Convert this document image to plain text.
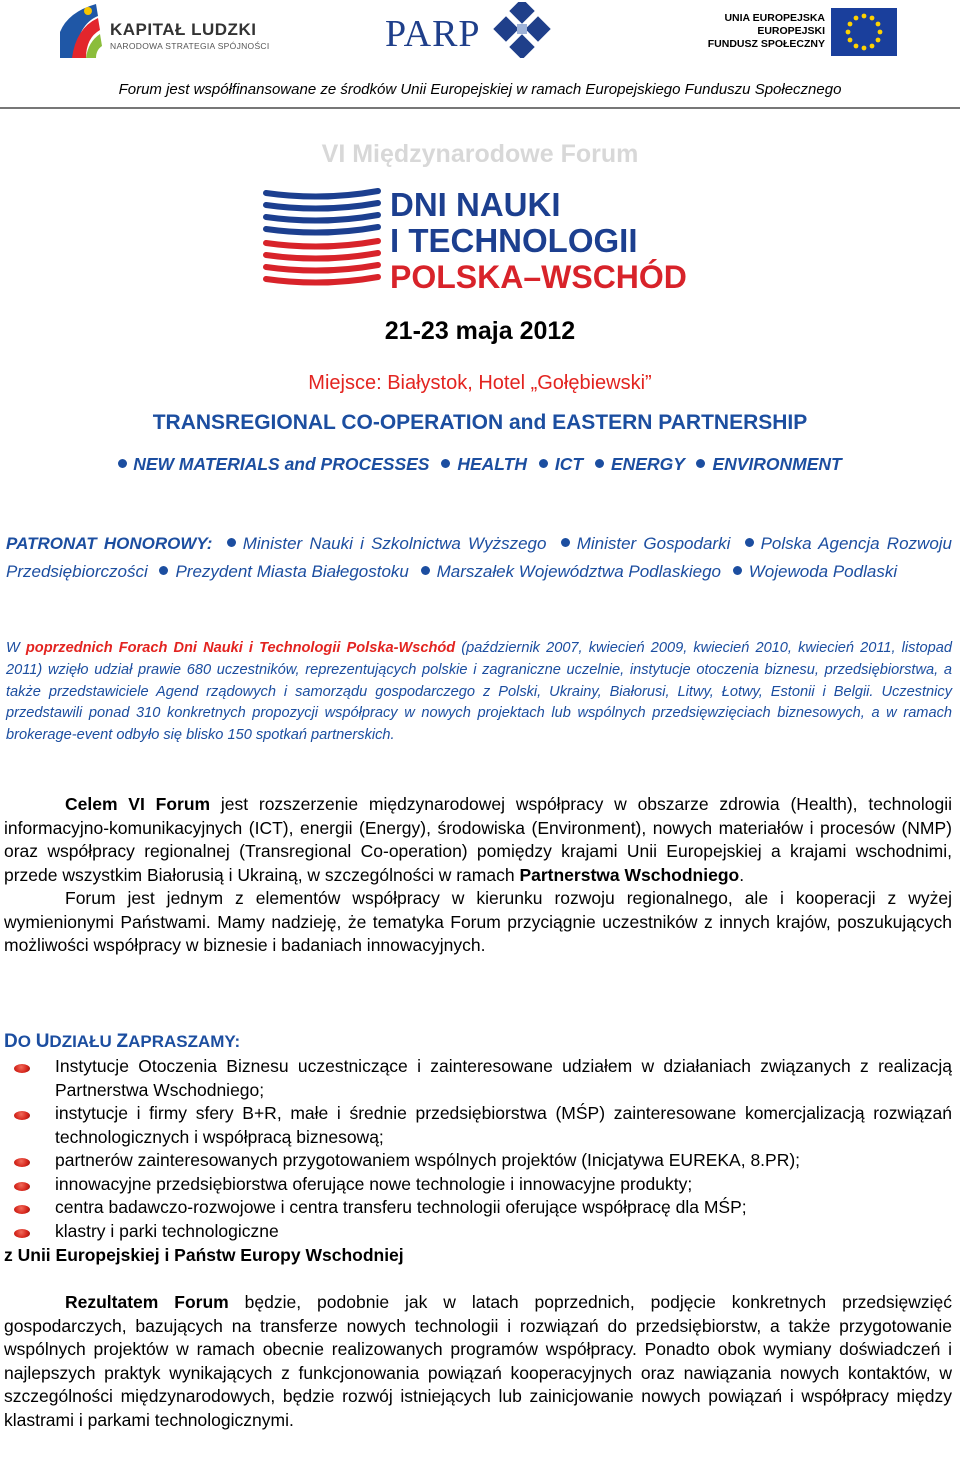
KAPITAŁ LUDZKI
NARODOWA STRATEGIA SPÓJNOŚCI	PARP	UNIA EUROPEJSKA
EUROPEJSKI
FUNDUSZ SPOŁECZNY
Forum jest współfinansowane ze środków Unii Europejskiej w ramach Europejskiego Funduszu Społecznego
VI Międzynarodowe Forum
DNI NAUKI
I TECHNOLOGII
POLSKA–WSCHÓD
21-23 maja 2012
Miejsce: Białystok, Hotel „Gołębiewski”
TRANSREGIONAL CO-OPERATION and EASTERN PARTNERSHIP
NEW MATERIALS and PROCESSES HEALTH ICT ENERGY ENVIRONMENT
PATRONAT HONOROWY: Minister Nauki i Szkolnictwa Wyższego Minister Gospodarki Polska Agencja Rozwoju Przedsiębiorczości Prezydent Miasta Białegostoku Marszałek Województwa Podlaskiego Wojewoda Podlaski
W poprzednich Forach Dni Nauki i Technologii Polska-Wschód (październik 2007, kwiecień 2009, kwiecień 2010, kwiecień 2011, listopad 2011) wzięło udział prawie 680 uczestników, reprezentujących polskie i zagraniczne uczelnie, instytucje otoczenia biznesu, przedsiębiorstwa, a także przedstawiciele Agend rządowych i samorządu gospodarczego z Polski, Ukrainy, Białorusi, Litwy, Łotwy, Estonii i Belgii. Uczestnicy przedstawili ponad 310 konkretnych propozycji współpracy w nowych projektach lub wspólnych przedsięwzięciach biznesowych, a w ramach brokerage-event odbyło się blisko 150 spotkań partnerskich.
Celem VI Forum jest rozszerzenie międzynarodowej współpracy w obszarze zdrowia (Health), technologii informacyjno-komunikacyjnych (ICT), energii (Energy), środowiska (Environment), nowych materiałów i procesów (NMP) oraz współpracy regionalnej (Transregional Co-operation) pomiędzy krajami Unii Europejskiej a krajami wschodnimi, przede wszystkim Białorusią i Ukrainą, w szczególności w ramach Partnerstwa Wschodniego.
Forum jest jednym z elementów współpracy w kierunku rozwoju regionalnego, ale i kooperacji z wyżej wymienionymi Państwami. Mamy nadzieję, że tematyka Forum przyciągnie uczestników z innych krajów, poszukujących możliwości współpracy w biznesie i badaniach innowacyjnych.
DO UDZIAŁU ZAPRASZAMY:
Instytucje Otoczenia Biznesu uczestniczące i zainteresowane udziałem w działaniach związanych z realizacją Partnerstwa Wschodniego;
instytucje i firmy sfery B+R, małe i średnie przedsiębiorstwa (MŚP) zainteresowane komercjalizacją rozwiązań technologicznych i współpracą biznesową;
partnerów zainteresowanych przygotowaniem wspólnych projektów (Inicjatywa EUREKA, 8.PR);
innowacyjne przedsiębiorstwa oferujące nowe technologie i innowacyjne produkty;
centra badawczo-rozwojowe i centra transferu technologii oferujące współpracę dla MŚP;
klastry i parki technologiczne
z Unii Europejskiej i Państw Europy Wschodniej
Rezultatem Forum będzie, podobnie jak w latach poprzednich, podjęcie konkretnych przedsięwzięć gospodarczych, bazujących na transferze nowych technologii i rozwiązań do przedsiębiorstw, a także przygotowanie wspólnych projektów w ramach obecnie realizowanych programów współpracy. Ponadto obok wymiany doświadczeń i najlepszych praktyk wynikających z funkcjonowania powiązań kooperacyjnych oraz nawiązania nowych kontaktów, w szczególności międzynarodowych, będzie rozwój istniejących lub zainicjowanie nowych powiązań i współpracy między klastrami i parkami technologicznymi.
